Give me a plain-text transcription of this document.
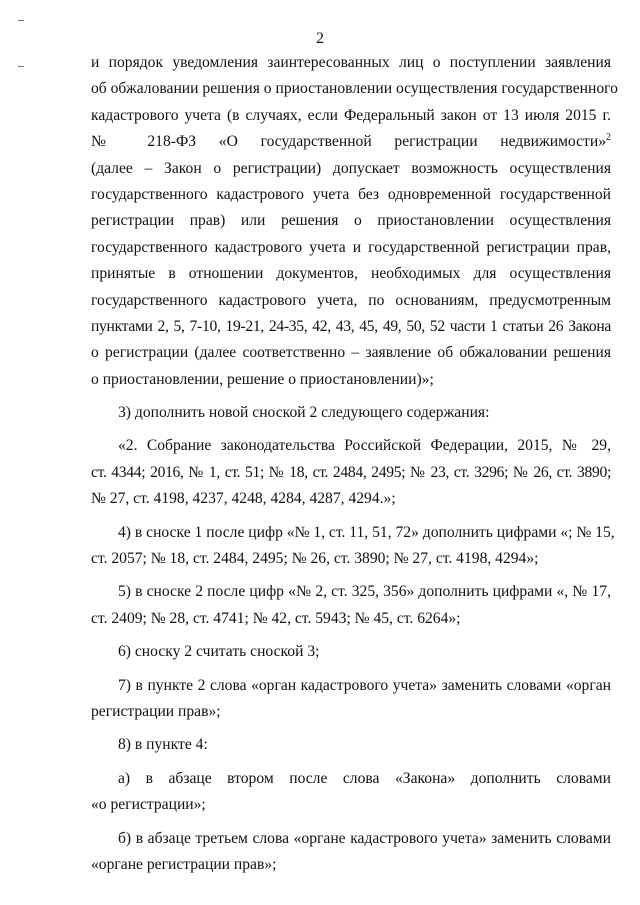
2
и порядок уведомления заинтересованных лиц о поступлении заявления
об обжаловании решения о приостановлении осуществления государственного
кадастрового учета (в случаях, если Федеральный закон от 13 июля 2015 г.
№ 218-ФЗ «О государственной регистрации недвижимости»$^2$
(далее – Закон о регистрации) допускает возможность осуществления
государственного кадастрового учета без одновременной государственной
регистрации прав) или решения о приостановлении осуществления
государственного кадастрового учета и государственной регистрации прав,
принятые в отношении документов, необходимых для осуществления
государственного кадастрового учета, по основаниям, предусмотренным
пунктами 2, 5, 7-10, 19-21, 24-35, 42, 43, 45, 49, 50, 52 части 1 статьи 26 Закона
о регистрации (далее соответственно – заявление об обжаловании решения
о приостановлении, решение о приостановлении)»;
3) дополнить новой сноской 2 следующего содержания:
«2. Собрание законодательства Российской Федерации, 2015, № 29,
ст. 4344; 2016, № 1, ст. 51; № 18, ст. 2484, 2495; № 23, ст. 3296; № 26, ст. 3890;
№ 27, ст. 4198, 4237, 4248, 4284, 4287, 4294.»;
4) в сноске 1 после цифр «№ 1, ст. 11, 51, 72» дополнить цифрами «; № 15,
ст. 2057; № 18, ст. 2484, 2495; № 26, ст. 3890; № 27, ст. 4198, 4294»;
5) в сноске 2 после цифр «№ 2, ст. 325, 356» дополнить цифрами «, № 17,
ст. 2409; № 28, ст. 4741; № 42, ст. 5943; № 45, ст. 6264»;
6) сноску 2 считать сноской 3;
7) в пункте 2 слова «орган кадастрового учета» заменить словами «орган
регистрации прав»;
8) в пункте 4:
а) в абзаце втором после слова «Закона» дополнить словами
«о регистрации»;
б) в абзаце третьем слова «органе кадастрового учета» заменить словами
«органе регистрации прав»;
